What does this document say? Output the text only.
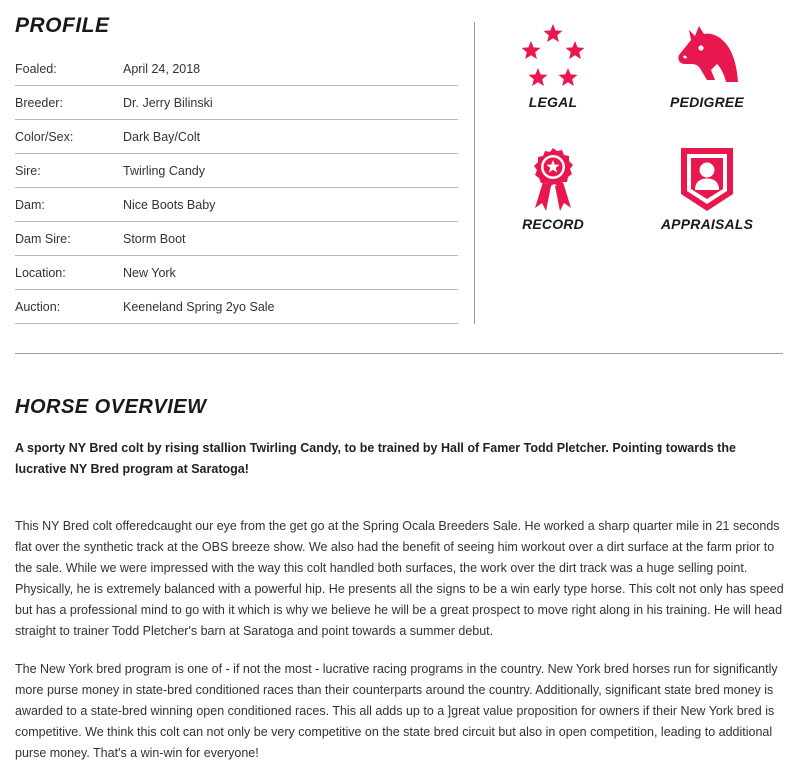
PROFILE
Foaled:	April 24, 2018
Breeder:	Dr. Jerry Bilinski
Color/Sex:	Dark Bay/Colt
Sire:	Twirling Candy
Dam:	Nice Boots Baby
Dam Sire:	Storm Boot
Location:	New York
Auction:	Keeneland Spring 2yo Sale
LEGAL	PEDIGREE
RECORD	APPRAISALS
HORSE OVERVIEW

A sporty NY Bred colt by rising stallion Twirling Candy, to be trained by Hall of Famer Todd Pletcher. Pointing towards the lucrative NY Bred program at Saratoga!

This NY Bred colt offeredcaught our eye from the get go at the Spring Ocala Breeders Sale. He worked a sharp quarter mile in 21 seconds flat over the synthetic track at the OBS breeze show. We also had the benefit of seeing him workout over a dirt surface at the farm prior to the sale. While we were impressed with the way this colt handled both surfaces, the work over the dirt track was a huge selling point. Physically, he is extremely balanced with a powerful hip. He presents all the signs to be a win early type horse. This colt not only has speed but has a professional mind to go with it which is why we believe he will be a great prospect to move right along in his training. He will head straight to trainer Todd Pletcher's barn at Saratoga and point towards a summer debut.

The New York bred program is one of - if not the most - lucrative racing programs in the country. New York bred horses run for significantly more purse money in state-bred conditioned races than their counterparts around the country. Additionally, significant state bred money is awarded to a state-bred winning open conditioned races. This all adds up to a ]great value proposition for owners if their New York bred is competitive. We think this colt can not only be very competitive on the state bred circuit but also in open competition, leading to additional purse money. That's a win-win for everyone!
